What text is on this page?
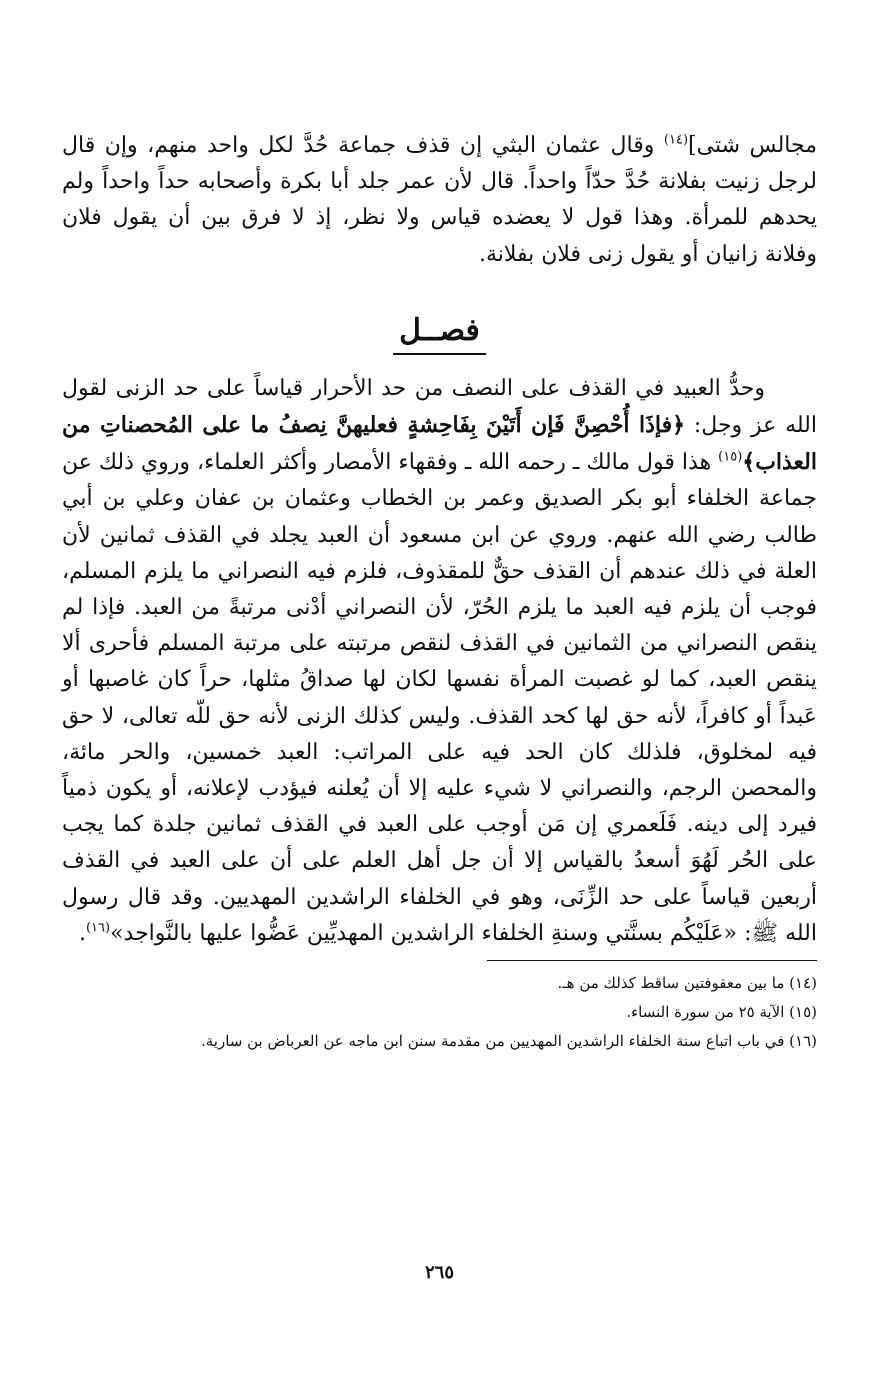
مجالس شتى]$^{(١٤)}$ وقال عثمان البثي إن قذف جماعة حُدَّ لكل واحد منهم، وإن قال لرجل زنيت بفلانة حُدَّ حدّاً واحداً. قال لأن عمر جلد أبا بكرة وأصحابه حداً واحداً ولم يحدهم للمرأة. وهذا قول لا يعضده قياس ولا نظر، إذ لا فرق بين أن يقول فلان وفلانة زانيان أو يقول زنى فلان بفلانة.

فصــل

وحدُّ العبيد في القذف على النصف من حد الأحرار قياساً على حد الزنى لقول الله عز وجل: ﴿فإذَا أُحْصِنَّ فَإن أَتَيْنَ بِفَاحِشةٍ فعليهنَّ نِصفُ ما على المُحصناتِ من العذاب﴾$^{(١٥)}$ هذا قول مالك ـ رحمه الله ـ وفقهاء الأمصار وأكثر العلماء، وروي ذلك عن جماعة الخلفاء أبو بكر الصديق وعمر بن الخطاب وعثمان بن عفان وعلي بن أبي طالب رضي الله عنهم. وروي عن ابن مسعود أن العبد يجلد في القذف ثمانين لأن العلة في ذلك عندهم أن القذف حقٌّ للمقذوف، فلزم فيه النصراني ما يلزم المسلم، فوجب أن يلزم فيه العبد ما يلزم الحُرّ، لأن النصراني أدْنى مرتبةً من العبد. فإذا لم ينقص النصراني من الثمانين في القذف لنقص مرتبته على مرتبة المسلم فأحرى ألا ينقص العبد، كما لو غصبت المرأة نفسها لكان لها صداقُ مثلها، حراً كان غاصبها أو عَبداً أو كافراً، لأنه حق لها كحد القذف. وليس كذلك الزنى لأنه حق للّه تعالى، لا حق فيه لمخلوق، فلذلك كان الحد فيه على المراتب: العبد خمسين، والحر مائة، والمحصن الرجم، والنصراني لا شيء عليه إلا أن يُعلنه فيؤدب لإعلانه، أو يكون ذمياً فيرد إلى دينه. فَلَعمري إن مَن أوجب على العبد في القذف ثمانين جلدة كما يجب على الحُر لَهُوَ أسعدُ بالقياس إلا أن جل أهل العلم على أن على العبد في القذف أربعين قياساً على حد الزِّنَى، وهو في الخلفاء الراشدين المهديين. وقد قال رسول الله ﷺ: «عَلَيْكُم بسنَّتي وسنةِ الخلفاء الراشدين المهديِّين عَضُّوا عليها بالنَّواجد»$^{(١٦)}$.

(١٤) ما بين معقوفتين ساقط كذلك من هـ.
(١٥) الآية ٢٥ من سورة النساء.
(١٦) في باب اتباع سنة الخلفاء الراشدين المهديين من مقدمة سنن ابن ماجه عن العرباض بن سارية.
٢٦٥
